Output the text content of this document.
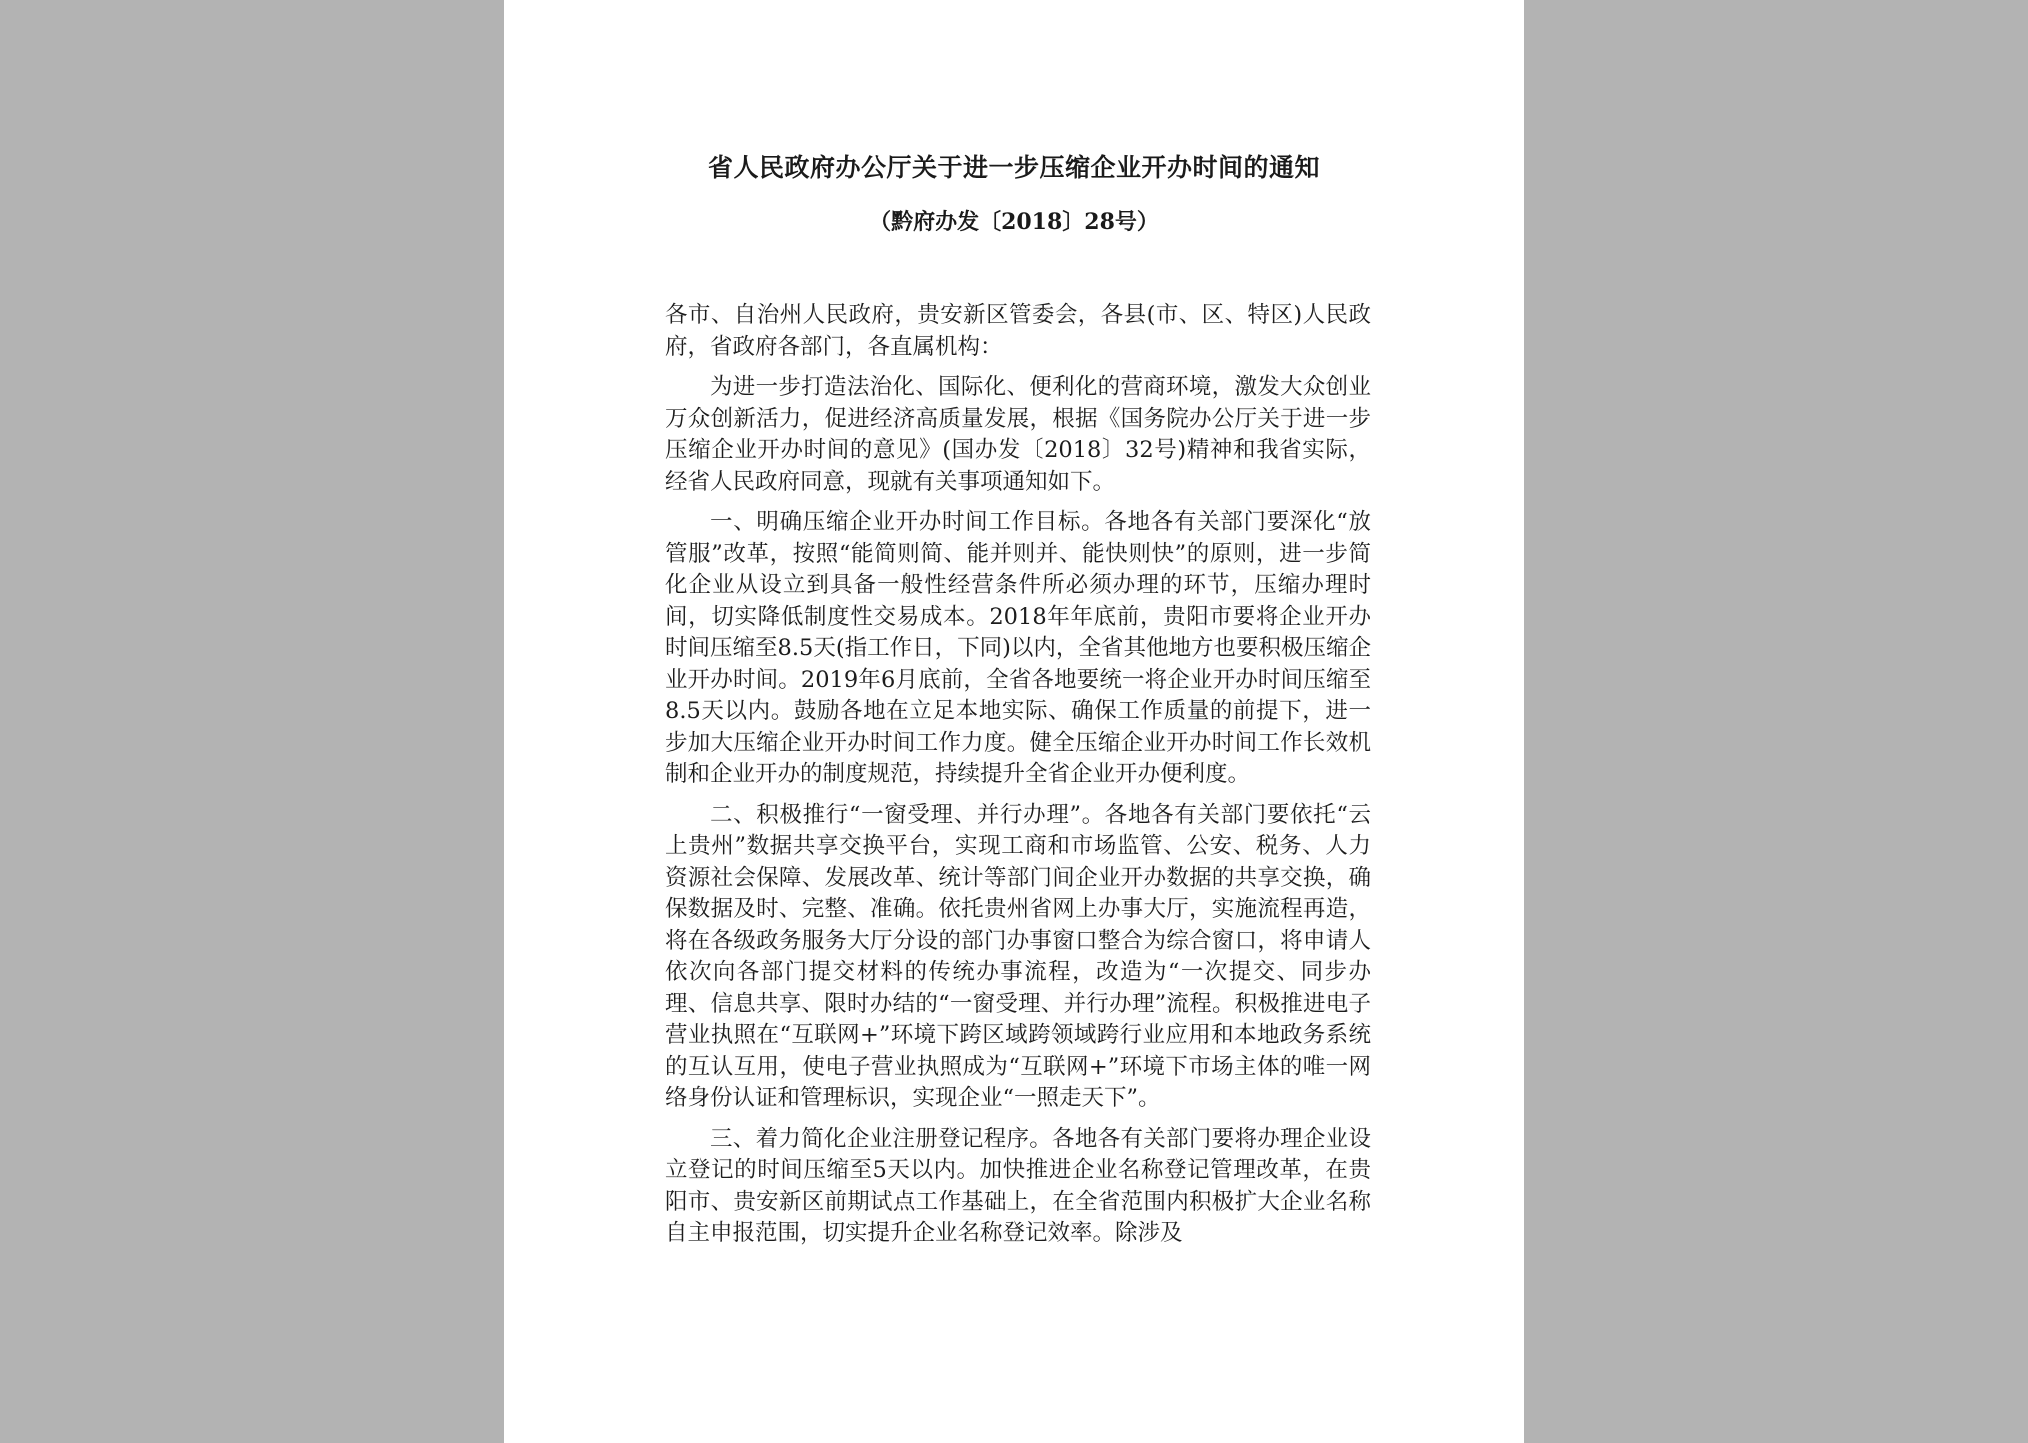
省人民政府办公厅关于进一步压缩企业开办时间的通知
（黔府办发〔2018〕28号）

各市、自治州人民政府，贵安新区管委会，各县(市、区、特区)人民政府，省政府各部门，各直属机构：

为进一步打造法治化、国际化、便利化的营商环境，激发大众创业万众创新活力，促进经济高质量发展，根据《国务院办公厅关于进一步压缩企业开办时间的意见》(国办发〔2018〕32号)精神和我省实际，经省人民政府同意，现就有关事项通知如下。

一、明确压缩企业开办时间工作目标。各地各有关部门要深化“放管服”改革，按照“能简则简、能并则并、能快则快”的原则，进一步简化企业从设立到具备一般性经营条件所必须办理的环节，压缩办理时间，切实降低制度性交易成本。2018年年底前，贵阳市要将企业开办时间压缩至8.5天(指工作日，下同)以内，全省其他地方也要积极压缩企业开办时间。2019年6月底前，全省各地要统一将企业开办时间压缩至8.5天以内。鼓励各地在立足本地实际、确保工作质量的前提下，进一步加大压缩企业开办时间工作力度。健全压缩企业开办时间工作长效机制和企业开办的制度规范，持续提升全省企业开办便利度。

二、积极推行“一窗受理、并行办理”。各地各有关部门要依托“云上贵州”数据共享交换平台，实现工商和市场监管、公安、税务、人力资源社会保障、发展改革、统计等部门间企业开办数据的共享交换，确保数据及时、完整、准确。依托贵州省网上办事大厅，实施流程再造，将在各级政务服务大厅分设的部门办事窗口整合为综合窗口，将申请人依次向各部门提交材料的传统办事流程，改造为“一次提交、同步办理、信息共享、限时办结的“一窗受理、并行办理”流程。积极推进电子营业执照在“互联网+”环境下跨区域跨领域跨行业应用和本地政务系统的互认互用，使电子营业执照成为“互联网+”环境下市场主体的唯一网络身份认证和管理标识，实现企业“一照走天下”。

三、着力简化企业注册登记程序。各地各有关部门要将办理企业设立登记的时间压缩至5天以内。加快推进企业名称登记管理改革，在贵阳市、贵安新区前期试点工作基础上，在全省范围内积极扩大企业名称自主申报范围，切实提升企业名称登记效率。除涉及
